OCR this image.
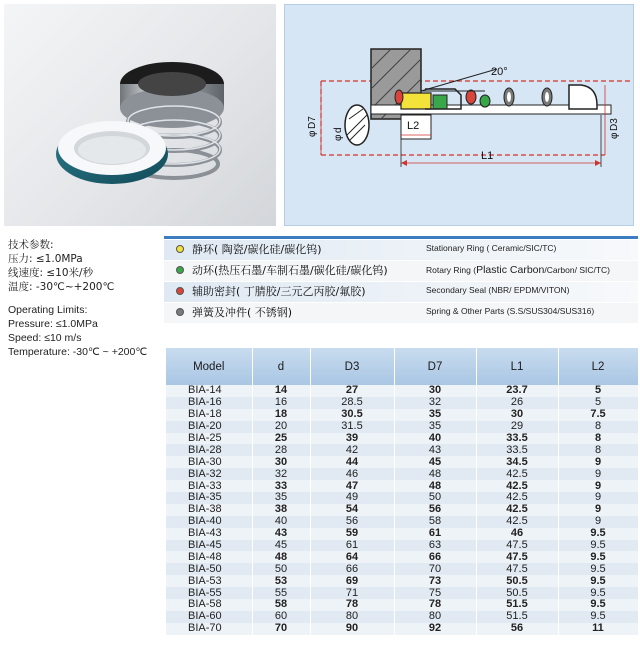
20°
D7
φ
d
φ
D3
φ
L2
L1
技术参数:
压力: ≤1.0MPa
线速度: ≤10米/秒
温度: -30℃~+200℃
Operating Limits:
Pressure: ≤1.0MPa
Speed: ≤10 m/s
Temperature: -30℃ ~ +200℃
静环( 陶瓷/碳化硅/碳化钨)	Stationary Ring ( Ceramic/SIC/TC)
动环(热压石墨/车制石墨/碳化硅/碳化钨)	Rotary Ring (Plastic Carbon/Carbon/ SIC/TC)
辅助密封( 丁腈胶/三元乙丙胶/氟胶)	Secondary Seal (NBR/ EPDM/VITON)
弹簧及冲件( 不锈钢)	Spring & Other Parts (S.S/SUS304/SUS316)
Model	d	D3	D7	L1	L2
BIA-14	14	27	30	23.7	5
BIA-16	16	28.5	32	26	5
BIA-18	18	30.5	35	30	7.5
BIA-20	20	31.5	35	29	8
BIA-25	25	39	40	33.5	8
BIA-28	28	42	43	33.5	8
BIA-30	30	44	45	34.5	9
BIA-32	32	46	48	42.5	9
BIA-33	33	47	48	42.5	9
BIA-35	35	49	50	42.5	9
BIA-38	38	54	56	42.5	9
BIA-40	40	56	58	42.5	9
BIA-43	43	59	61	46	9.5
BIA-45	45	61	63	47.5	9.5
BIA-48	48	64	66	47.5	9.5
BIA-50	50	66	70	47.5	9.5
BIA-53	53	69	73	50.5	9.5
BIA-55	55	71	75	50.5	9.5
BIA-58	58	78	78	51.5	9.5
BIA-60	60	80	80	51.5	9.5
BIA-70	70	90	92	56	11
